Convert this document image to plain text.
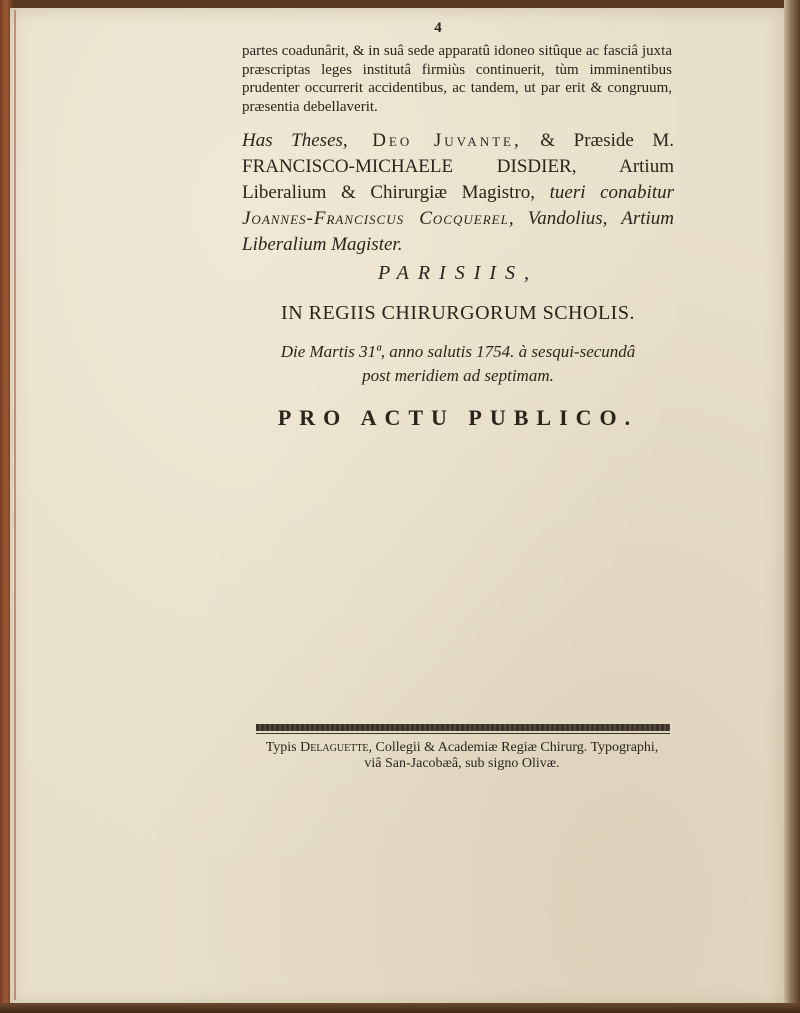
4
partes coadunârit, & in suâ sede apparatû idoneo sitûque ac fasciâ juxta præscriptas leges institutâ firmiùs continuerit, tùm imminentibus prudenter occurrerit accidentibus, ac tandem, ut par erit & congruum, præsentia debellaverit.
Has Theses, Deo Juvante, & Præside M. FRANCISCO-MICHAELE DISDIER, Artium Liberalium & Chirurgiæ Magistro, tueri conabitur Joannes-Franciscus Cocquerel, Vandolius, Artium Liberalium Magister.
PARISIIS,
IN REGIIS CHIRURGORUM SCHOLIS.
Die Martis 31ª, anno salutis 1754. à sesqui-secundâ
post meridiem ad septimam.
PRO ACTU PUBLICO.
Typis Delaguette, Collegii & Academiæ Regiæ Chirurg. Typographi,
viâ San-Jacobæâ, sub signo Olivæ.
